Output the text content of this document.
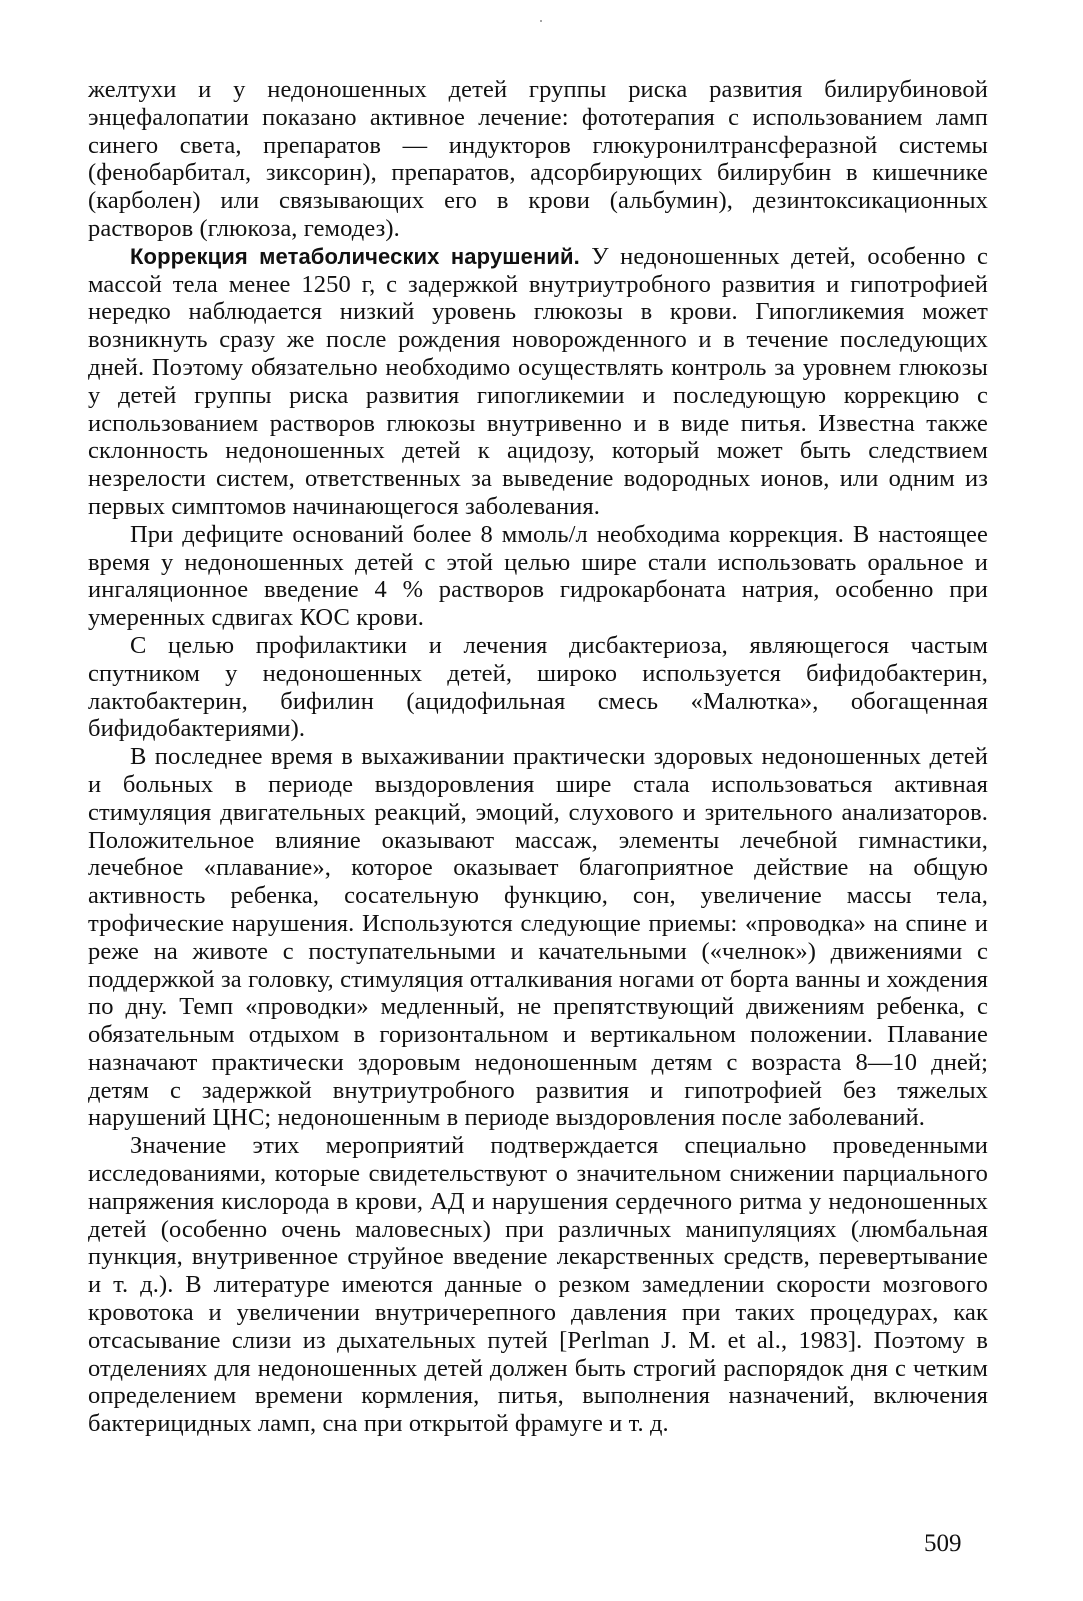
желтухи и у недоношенных детей группы риска развития билирубиновой энцефалопатии показано активное лечение: фототерапия с использованием ламп синего света, препаратов — индукторов глюкуронилтрансферазной системы (фенобарбитал, зиксорин), препаратов, адсорбирующих билирубин в кишечнике (карболен) или связывающих его в крови (альбумин), дезинтоксикационных растворов (глюкоза, гемодез).

Коррекция метаболических нарушений. У недоношенных детей, особенно с массой тела менее 1250 г, с задержкой внутриутробного развития и гипотрофией нередко наблюдается низкий уровень глюкозы в крови. Гипогликемия может возникнуть сразу же после рождения новорожденного и в течение последующих дней. Поэтому обязательно необходимо осуществлять контроль за уровнем глюкозы у детей группы риска развития гипогликемии и последующую коррекцию с использованием растворов глюкозы внутривенно и в виде питья. Известна также склонность недоношенных детей к ацидозу, который может быть следствием незрелости систем, ответственных за выведение водородных ионов, или одним из первых симптомов начинающегося заболевания.

При дефиците оснований более 8 ммоль/л необходима коррекция. В настоящее время у недоношенных детей с этой целью шире стали использовать оральное и ингаляционное введение 4 % растворов гидрокарбоната натрия, особенно при умеренных сдвигах КОС крови.

С целью профилактики и лечения дисбактериоза, являющегося частым спутником у недоношенных детей, широко используется бифидобактерин, лактобактерин, бифилин (ацидофильная смесь «Малютка», обогащенная бифидобактериями).

В последнее время в выхаживании практически здоровых недоношенных детей и больных в периоде выздоровления шире стала использоваться активная стимуляция двигательных реакций, эмоций, слухового и зрительного анализаторов. Положительное влияние оказывают массаж, элементы лечебной гимнастики, лечебное «плавание», которое оказывает благоприятное действие на общую активность ребенка, сосательную функцию, сон, увеличение массы тела, трофические нарушения. Используются следующие приемы: «проводка» на спине и реже на животе с поступательными и качательными («челнок») движениями с поддержкой за головку, стимуляция отталкивания ногами от борта ванны и хождения по дну. Темп «проводки» медленный, не препятствующий движениям ребенка, с обязательным отдыхом в горизонтальном и вертикальном положении. Плавание назначают практически здоровым недоношенным детям с возраста 8—10 дней; детям с задержкой внутриутробного развития и гипотрофией без тяжелых нарушений ЦНС; недоношенным в периоде выздоровления после заболеваний.

Значение этих мероприятий подтверждается специально проведенными исследованиями, которые свидетельствуют о значительном снижении парциального напряжения кислорода в крови, АД и нарушения сердечного ритма у недоношенных детей (особенно очень маловесных) при различных манипуляциях (люмбальная пункция, внутривенное струйное введение лекарственных средств, перевертывание и т. д.). В литературе имеются данные о резком замедлении скорости мозгового кровотока и увеличении внутричерепного давления при таких процедурах, как отсасывание слизи из дыхательных путей [Perlman J. M. et al., 1983]. Поэтому в отделениях для недоношенных детей должен быть строгий распорядок дня с четким определением времени кормления, питья, выполнения назначений, включения бактерицидных ламп, сна при открытой фрамуге и т. д.

509
